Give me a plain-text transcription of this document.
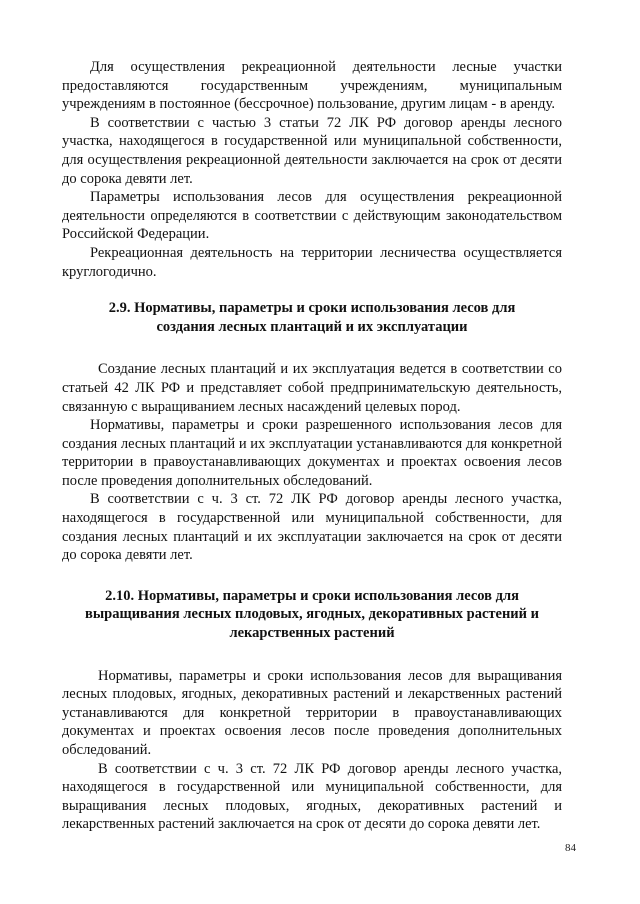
Для осуществления рекреационной деятельности лесные участки предоставляются государственным учреждениям, муниципальным учреждениям в постоянное (бессрочное) пользование, другим лицам - в аренду.

В соответствии с частью 3 статьи 72 ЛК РФ договор аренды лесного участка, находящегося в государственной или муниципальной собственности, для осуществления рекреационной деятельности заключается на срок от десяти до сорока девяти лет.

Параметры использования лесов для осуществления рекреационной деятельности определяются в соответствии с действующим законодательством Российской Федерации.

Рекреационная деятельность на территории лесничества осуществляется круглогодично.

2.9. Нормативы, параметры и сроки использования лесов для
создания лесных плантаций и их эксплуатации

Создание лесных плантаций и их эксплуатация ведется в соответствии со статьей 42 ЛК РФ и представляет собой предпринимательскую деятельность, связанную с выращиванием лесных насаждений целевых пород.

Нормативы, параметры и сроки разрешенного использования лесов для создания лесных плантаций и их эксплуатации устанавливаются для конкретной территории в правоустанавливающих документах и проектах освоения лесов после проведения дополнительных обследований.

В соответствии с ч. 3 ст. 72 ЛК РФ договор аренды лесного участка, находящегося в государственной или муниципальной собственности, для создания лесных плантаций и их эксплуатации заключается на срок от десяти до сорока девяти лет.

2.10. Нормативы, параметры и сроки использования лесов для
выращивания лесных плодовых, ягодных, декоративных растений и
лекарственных растений

Нормативы, параметры и сроки использования лесов для выращивания лесных плодовых, ягодных, декоративных растений и лекарственных растений устанавливаются для конкретной территории в правоустанавливающих документах и проектах освоения лесов после проведения дополнительных обследований.

В соответствии с ч. 3 ст. 72 ЛК РФ договор аренды лесного участка, находящегося в государственной или муниципальной собственности, для выращивания лесных плодовых, ягодных, декоративных растений и лекарственных растений заключается на срок от десяти до сорока девяти лет.

84
